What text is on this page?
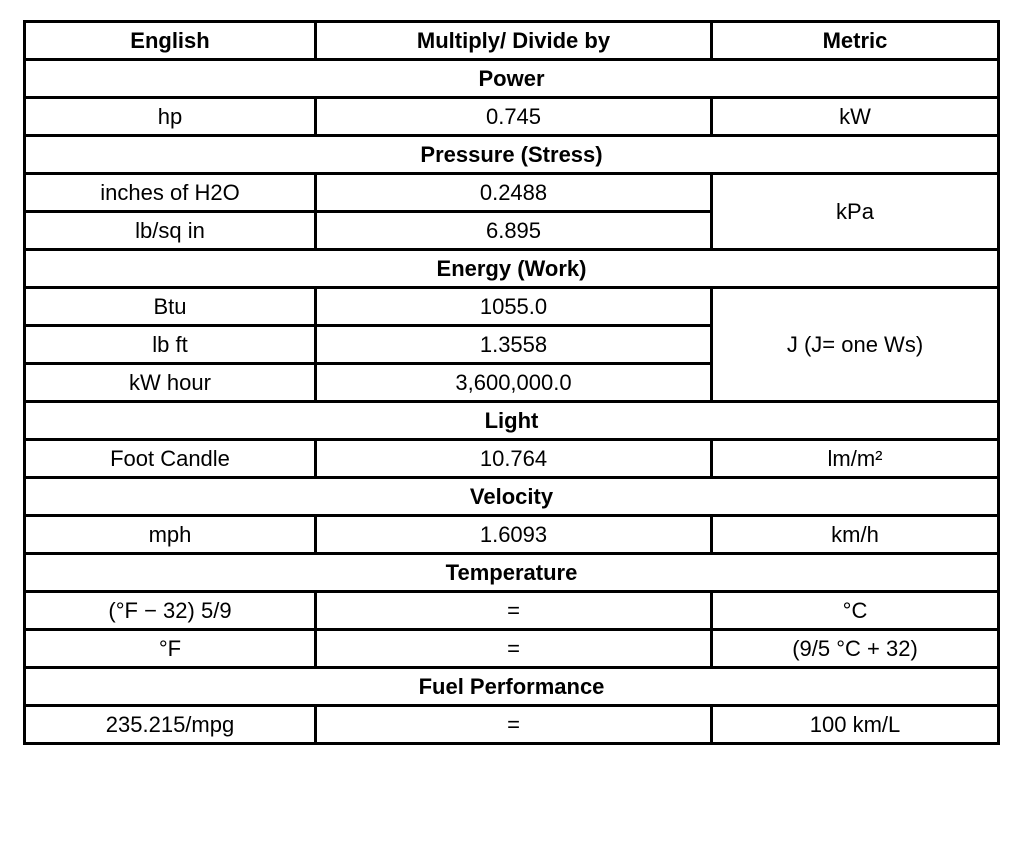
English	Multiply/ Divide by	Metric
Power		
hp	0.745	kW
Pressure (Stress)		
inches of H2O	0.2488	kPa
lb/sq in	6.895	
Energy (Work)		
Btu	1055.0	J (J= one Ws)
lb ft	1.3558	
kW hour	3,600,000.0	
Light		
Foot Candle	10.764	lm/m²
Velocity		
mph	1.6093	km/h
Temperature		
(°F − 32) 5/9	=	°C
°F	=	(9/5 °C + 32)
Fuel Performance		
235.215/mpg	=	100 km/L
